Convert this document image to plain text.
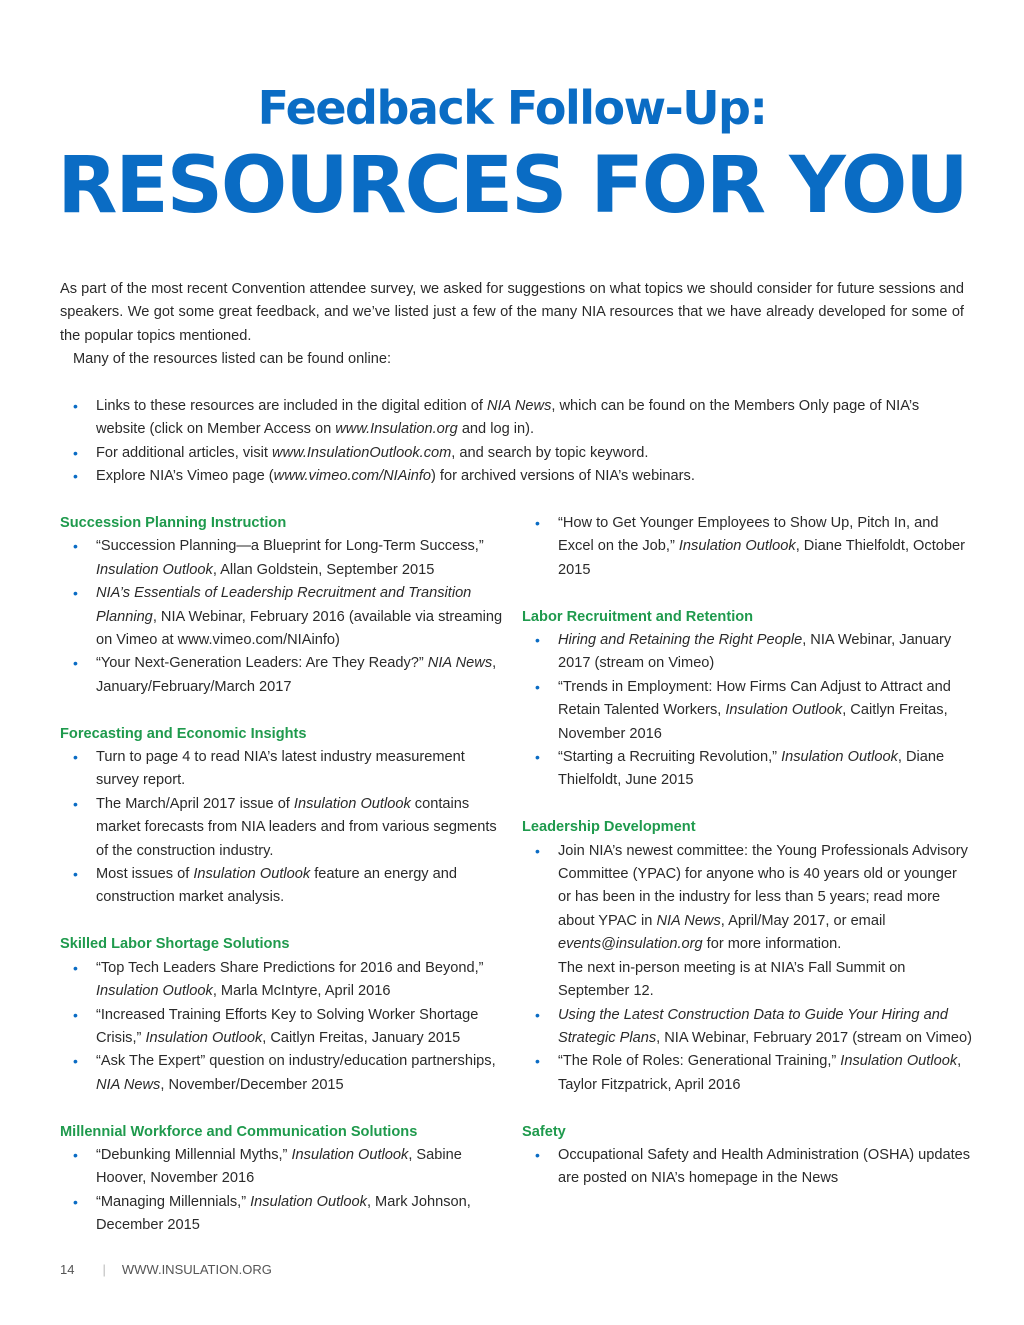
Feedback Follow-Up:
RESOURCES FOR YOU

As part of the most recent Convention attendee survey, we asked for suggestions on what topics we should consider for future sessions and speakers. We got some great feedback, and we’ve listed just a few of the many NIA resources that we have already developed for some of the popular topics mentioned.

Many of the resources listed can be found online:

• Links to these resources are included in the digital edition of NIA News, which can be found on the Members Only page of NIA’s website (click on Member Access on www.Insulation.org and log in).
• For additional articles, visit www.InsulationOutlook.com, and search by topic keyword.
• Explore NIA’s Vimeo page (www.vimeo.com/NIAinfo) for archived versions of NIA’s webinars.
Succession Planning Instruction
• “Succession Planning—a Blueprint for Long-Term Success,” Insulation Outlook, Allan Goldstein, September 2015
• NIA’s Essentials of Leadership Recruitment and Transition Planning, NIA Webinar, February 2016 (available via streaming on Vimeo at www.vimeo.com/NIAinfo)
• “Your Next-Generation Leaders: Are They Ready?” NIA News, January/February/March 2017
Forecasting and Economic Insights
• Turn to page 4 to read NIA’s latest industry measurement survey report.
• The March/April 2017 issue of Insulation Outlook contains market forecasts from NIA leaders and from various segments of the construction industry.
• Most issues of Insulation Outlook feature an energy and construction market analysis.
Skilled Labor Shortage Solutions
• “Top Tech Leaders Share Predictions for 2016 and Beyond,” Insulation Outlook, Marla McIntyre, April 2016
• “Increased Training Efforts Key to Solving Worker Shortage Crisis,” Insulation Outlook, Caitlyn Freitas, January 2015
• “Ask The Expert” question on industry/education partnerships, NIA News, November/December 2015
Millennial Workforce and Communication Solutions
• “Debunking Millennial Myths,” Insulation Outlook, Sabine Hoover, November 2016
• “Managing Millennials,” Insulation Outlook, Mark Johnson, December 2015
• “How to Get Younger Employees to Show Up, Pitch In, and Excel on the Job,” Insulation Outlook, Diane Thielfoldt, October 2015
Labor Recruitment and Retention
• Hiring and Retaining the Right People, NIA Webinar, January 2017 (stream on Vimeo)
• “Trends in Employment: How Firms Can Adjust to Attract and Retain Talented Workers, Insulation Outlook, Caitlyn Freitas, November 2016
• “Starting a Recruiting Revolution,” Insulation Outlook, Diane Thielfoldt, June 2015
Leadership Development
• Join NIA’s newest committee: the Young Professionals Advisory Committee (YPAC) for anyone who is 40 years old or younger or has been in the industry for less than 5 years; read more about YPAC in NIA News, April/May 2017, or email events@insulation.org for more information.
The next in-person meeting is at NIA’s Fall Summit on September 12.
• Using the Latest Construction Data to Guide Your Hiring and Strategic Plans, NIA Webinar, February 2017 (stream on Vimeo)
• “The Role of Roles: Generational Training,” Insulation Outlook, Taylor Fitzpatrick, April 2016
Safety
• Occupational Safety and Health Administration (OSHA) updates are posted on NIA’s homepage in the News
14 | WWW.INSULATION.ORG
